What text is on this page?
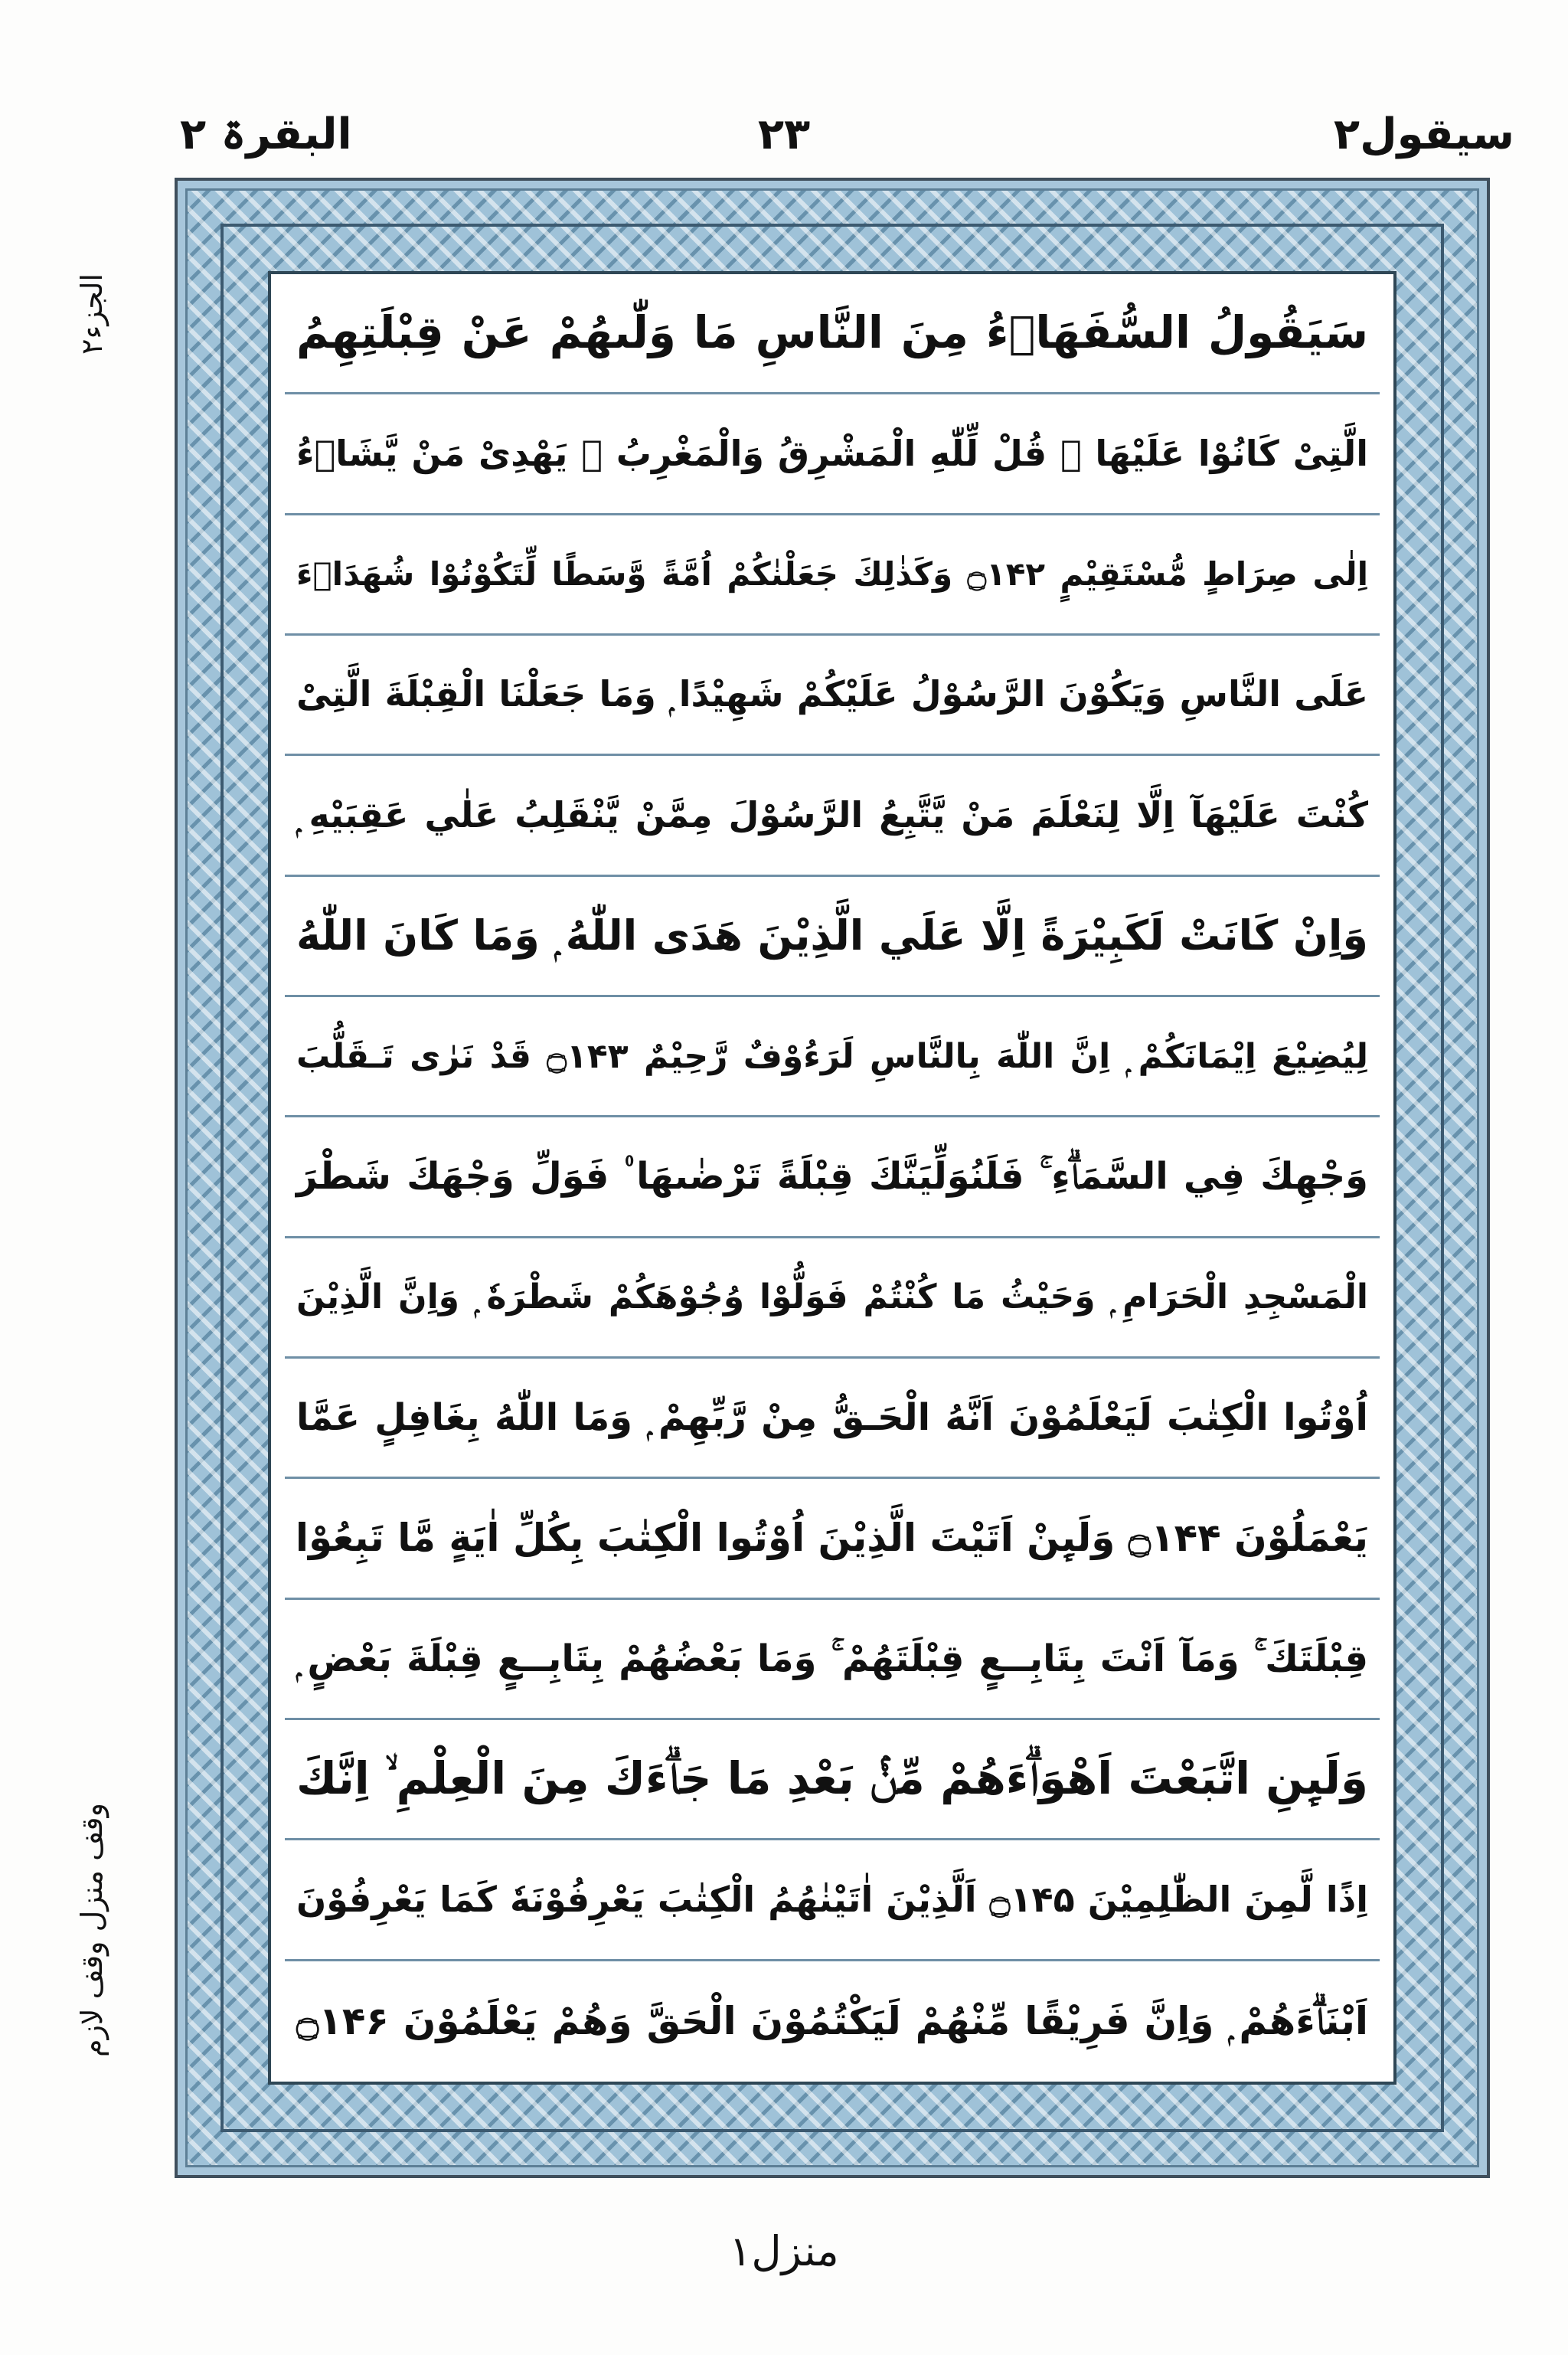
سیقول۲
۲۳
البقرۃ ۲
الجزء۲
وقف منزل وقف لازم
سَيَقُولُ السُّفَهَاۗءُ مِنَ النَّاسِ مَا وَلّٰىهُمْ عَنْ قِبْلَتِهِمُ
الَّتِىْ كَانُوْا عَلَيْهَا ۭ قُلْ لِّلّٰهِ الْمَشْرِقُ وَالْمَغْرِبُ ۭ يَهْدِىْ مَنْ يَّشَاۗءُ
اِلٰى صِرَاطٍ مُّسْتَقِيْمٍ ۝۱۴۲ وَكَذٰلِكَ جَعَلْنٰكُمْ اُمَّةً وَّسَطًا لِّتَكُوْنُوْا شُهَدَاۗءَ
عَلَى النَّاسِ وَيَكُوْنَ الرَّسُوْلُ عَلَيْكُمْ شَهِيْدًا ۭ وَمَا جَعَلْنَا الْقِبْلَةَ الَّتِىْ
كُنْتَ عَلَيْهَآ اِلَّا لِنَعْلَمَ مَنْ يَّتَّبِعُ الرَّسُوْلَ مِمَّنْ يَّنْقَلِبُ عَلٰي عَقِبَيْهِ ۭ
وَاِنْ كَانَتْ لَكَبِيْرَةً اِلَّا عَلَي الَّذِيْنَ ھَدَى اللّٰهُ ۭ وَمَا كَانَ اللّٰهُ
لِيُضِيْعَ اِيْمَانَكُمْ ۭ اِنَّ اللّٰهَ بِالنَّاسِ لَرَءُوْفٌ رَّحِيْمٌ ۝۱۴۳ قَدْ نَرٰى تَـقَلُّبَ
وَجْهِكَ فِي السَّمَاۗءِ ۚ فَلَنُوَلِّيَنَّكَ قِبْلَةً تَرْضٰىھَا ۠ فَوَلِّ وَجْهَكَ شَطْرَ
الْمَسْجِدِ الْحَرَامِ ۭ وَحَيْثُ مَا كُنْتُمْ فَوَلُّوْا وُجُوْھَكُمْ شَطْرَهٗ ۭ وَاِنَّ الَّذِيْنَ
اُوْتُوا الْكِتٰبَ لَيَعْلَمُوْنَ اَنَّهُ الْحَـقُّ مِنْ رَّبِّهِمْ ۭ وَمَا اللّٰهُ بِغَافِلٍ عَمَّا
يَعْمَلُوْنَ ۝۱۴۴ وَلَىِٕنْ اَتَيْتَ الَّذِيْنَ اُوْتُوا الْكِتٰبَ بِكُلِّ اٰيَةٍ مَّا تَبِعُوْا
قِبْلَتَكَ ۚ وَمَآ اَنْتَ بِتَابِــعٍ قِبْلَتَهُمْ ۚ وَمَا بَعْضُهُمْ بِتَابِــعٍ قِبْلَةَ بَعْضٍ ۭ
وَلَىِٕنِ اتَّبَعْتَ اَھْوَاۗءَھُمْ مِّنْۢ بَعْدِ مَا جَاۗءَكَ مِنَ الْعِلْمِ ۙ اِنَّكَ
اِذًا لَّمِنَ الظّٰلِمِيْنَ ۝۱۴۵ اَلَّذِيْنَ اٰتَيْنٰھُمُ الْكِتٰبَ يَعْرِفُوْنَهٗ كَمَا يَعْرِفُوْنَ
اَبْنَاۗءَھُمْ ۭ وَاِنَّ فَرِيْقًا مِّنْهُمْ لَيَكْتُمُوْنَ الْحَقَّ وَھُمْ يَعْلَمُوْنَ ۝۱۴۶
منزل۱
